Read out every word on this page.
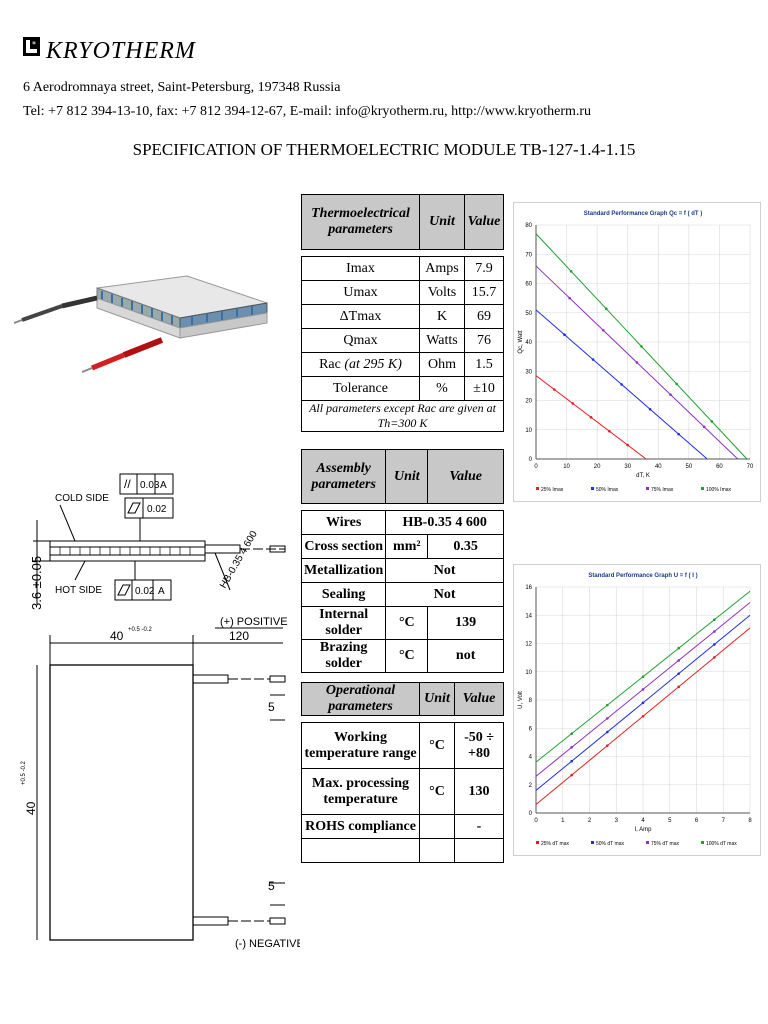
* KRYOTHERM
6 Aerodromnaya street, Saint-Petersburg, 197348 Russia
Tel: +7 812 394-13-10, fax: +7 812 394-12-67, E-mail: info@kryotherm.ru, http://www.kryotherm.ru
SPECIFICATION OF THERMOELECTRIC MODULE TB-127-1.4-1.15
3.6 ±0.05
COLD SIDE
HOT SIDE
// 0.03 A
0.02
0.02 A
HB-0.35 4 600
40 +0.5 -0.2	120
(+) POSITIVE
40
+0.5 -0.2
5
5
(-) NEGATIVE
Thermoelectrical parameters	Unit	Value

Imax	Amps	7.9
Umax	Volts	15.7
ΔTmax	K	69
Qmax	Watts	76
Rac (at 295 K)	Ohm	1.5
Tolerance	%	±10
All parameters except Rac are given at Th=300 K		
Assembly parameters	Unit	Value

Wires	HB-0.35 4 600	
Cross section	mm²	0.35
Metallization	Not	
Sealing	Not	
Internal solder	°C	139
Brazing solder	°C	not
Operational parameters	Unit	Value

Working temperature range	°C	-50 ÷ +80
Max. processing temperature	°C	130
ROHS compliance		-

Standard Performance Graph Qc = f ( dT )
0	10	20	30	40	50	60	70
0
10
20
30
40
50
60
70
80
dT, K
Qc, Watt
25% Imax	50% Imax	75% Imax	100% Imax
Standard Performance Graph U = f ( I )
0	1	2	3	4	5	6	7	8
0
2
4
6
8
10
12
14
16
I, Amp
U, Volt
25% dT max	50% dT max	75% dT max	100% dT max
